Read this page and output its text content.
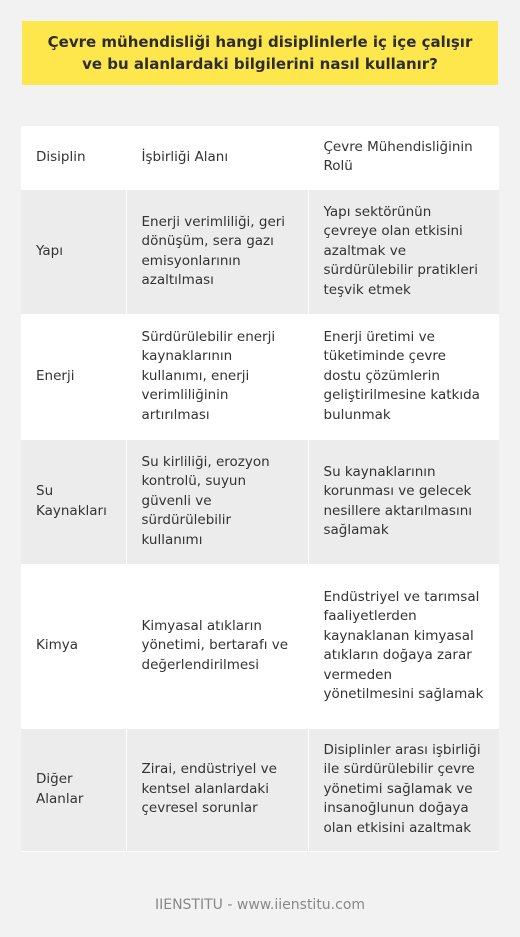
Çevre mühendisliği hangi disiplinlerle iç içe çalışır ve bu alanlardaki bilgilerini nasıl kullanır?
Disiplin	İşbirliği Alanı	Çevre Mühendisliğinin Rolü
Yapı	Enerji verimliliği, geri dönüşüm, sera gazı emisyonlarının azaltılması	Yapı sektörünün çevreye olan etkisini azaltmak ve sürdürülebilir pratikleri teşvik etmek
Enerji	Sürdürülebilir enerji kaynaklarının kullanımı, enerji verimliliğinin artırılması	Enerji üretimi ve tüketiminde çevre dostu çözümlerin geliştirilmesine katkıda bulunmak
Su Kaynakları	Su kirliliği, erozyon kontrolü, suyun güvenli ve sürdürülebilir kullanımı	Su kaynaklarının korunması ve gelecek nesillere aktarılmasını sağlamak
Kimya	Kimyasal atıkların yönetimi, bertarafı ve değerlendirilmesi	Endüstriyel ve tarımsal faaliyetlerden kaynaklanan kimyasal atıkların doğaya zarar vermeden yönetilmesini sağlamak
Diğer Alanlar	Zirai, endüstriyel ve kentsel alanlardaki çevresel sorunlar	Disiplinler arası işbirliği ile sürdürülebilir çevre yönetimi sağlamak ve insanoğlunun doğaya olan etkisini azaltmak
IIENSTITU - www.iienstitu.com
